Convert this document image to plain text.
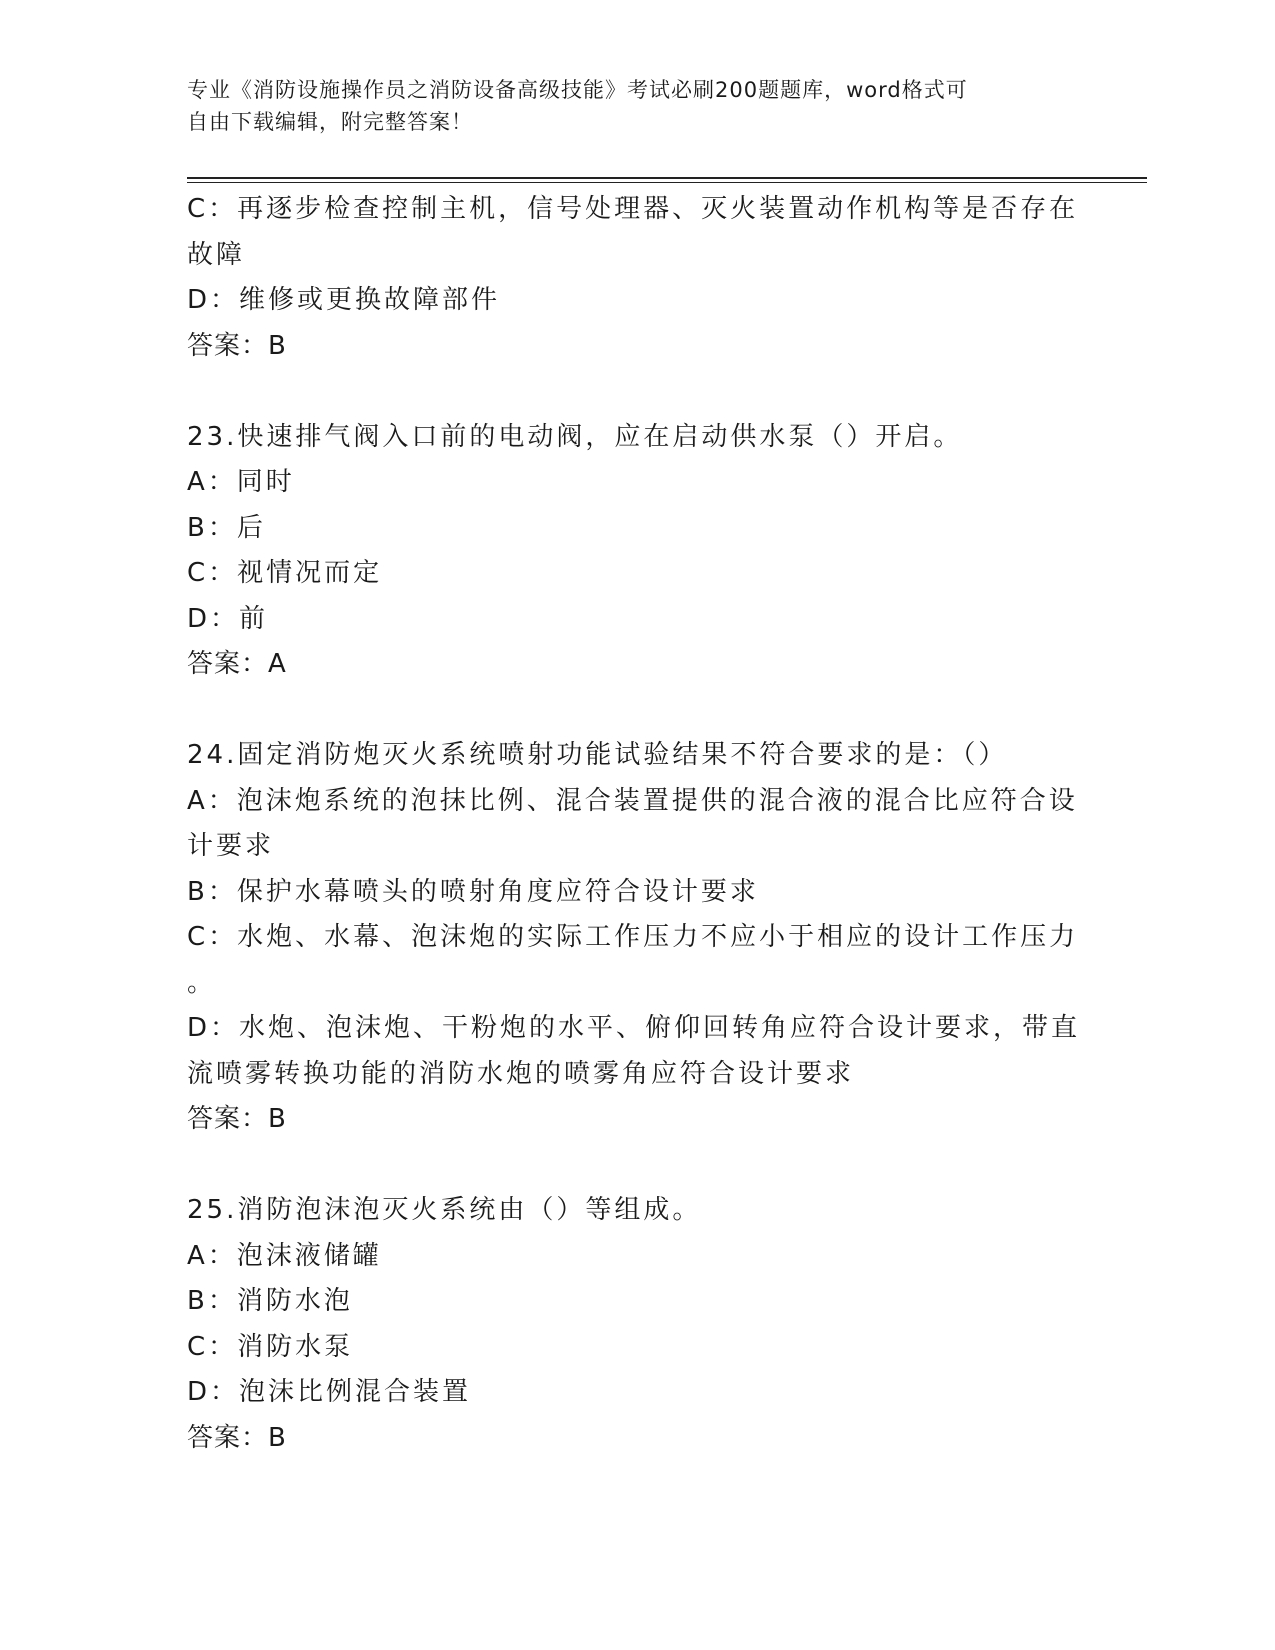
专业《消防设施操作员之消防设备高级技能》考试必刷200题题库，word格式可
自由下载编辑，附完整答案！
C：再逐步检查控制主机，信号处理器、灭火装置动作机构等是否存在
故障
D：维修或更换故障部件
答案：B
23.快速排气阀入口前的电动阀，应在启动供水泵（）开启。
A：同时
B：后
C：视情况而定
D：前
答案：A
24.固定消防炮灭火系统喷射功能试验结果不符合要求的是：（）
A：泡沫炮系统的泡抹比例、混合装置提供的混合液的混合比应符合设
计要求
B：保护水幕喷头的喷射角度应符合设计要求
C：水炮、水幕、泡沫炮的实际工作压力不应小于相应的设计工作压力
。
D：水炮、泡沫炮、干粉炮的水平、俯仰回转角应符合设计要求，带直
流喷雾转换功能的消防水炮的喷雾角应符合设计要求
答案：B
25.消防泡沫泡灭火系统由（）等组成。
A：泡沫液储罐
B：消防水泡
C：消防水泵
D：泡沫比例混合装置
答案：B
